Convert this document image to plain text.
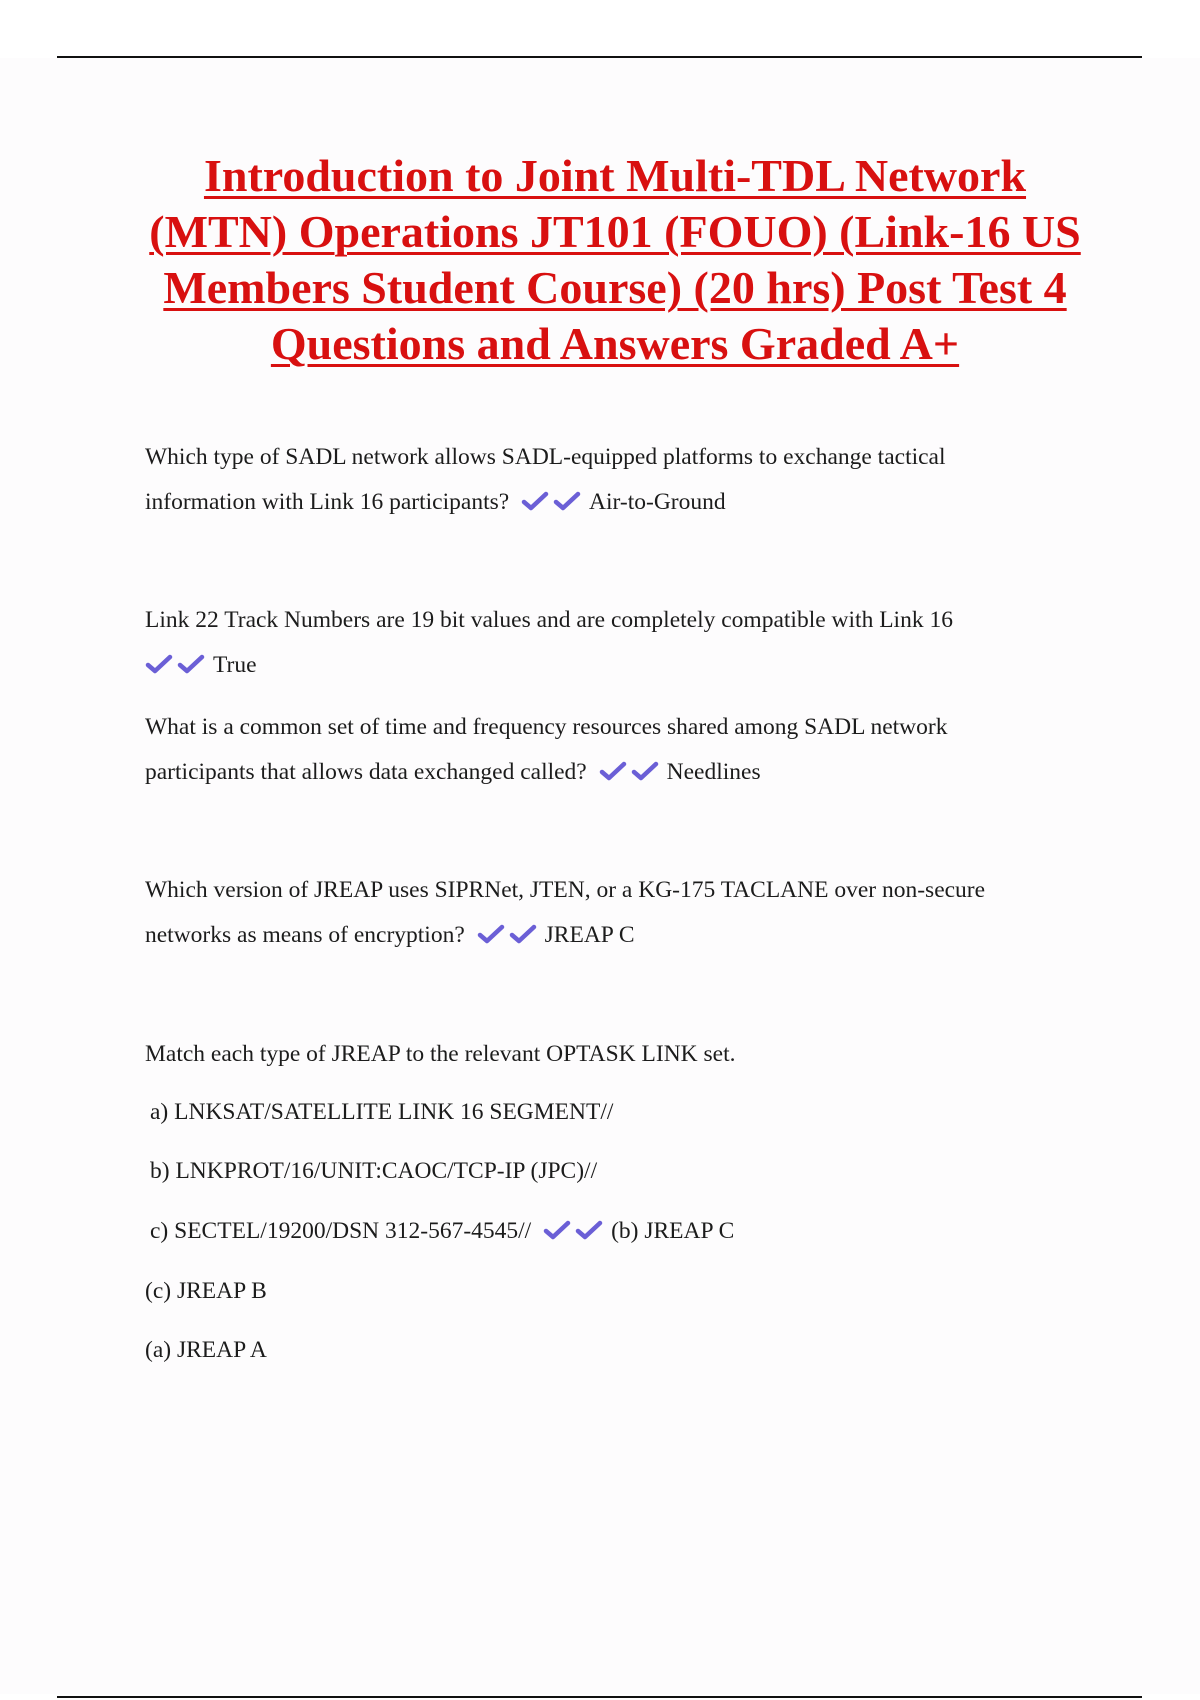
Introduction to Joint Multi-TDL Network (MTN) Operations JT101 (FOUO) (Link-16 US Members Student Course) (20 hrs) Post Test 4 Questions and Answers Graded A+

Which type of SADL network allows SADL-equipped platforms to exchange tactical information with Link 16 participants?	Air-to-Ground

Link 22 Track Numbers are 19 bit values and are completely compatible with Link 16

True

What is a common set of time and frequency resources shared among SADL network participants that allows data exchanged called?	Needlines

Which version of JREAP uses SIPRNet, JTEN, or a KG-175 TACLANE over non-secure networks as means of encryption?	JREAP C

Match each type of JREAP to the relevant OPTASK LINK set.

a) LNKSAT/SATELLITE LINK 16 SEGMENT//

b) LNKPROT/16/UNIT:CAOC/TCP-IP (JPC)//

c) SECTEL/19200/DSN 312-567-4545//	(b) JREAP C

(c) JREAP B

(a) JREAP A
